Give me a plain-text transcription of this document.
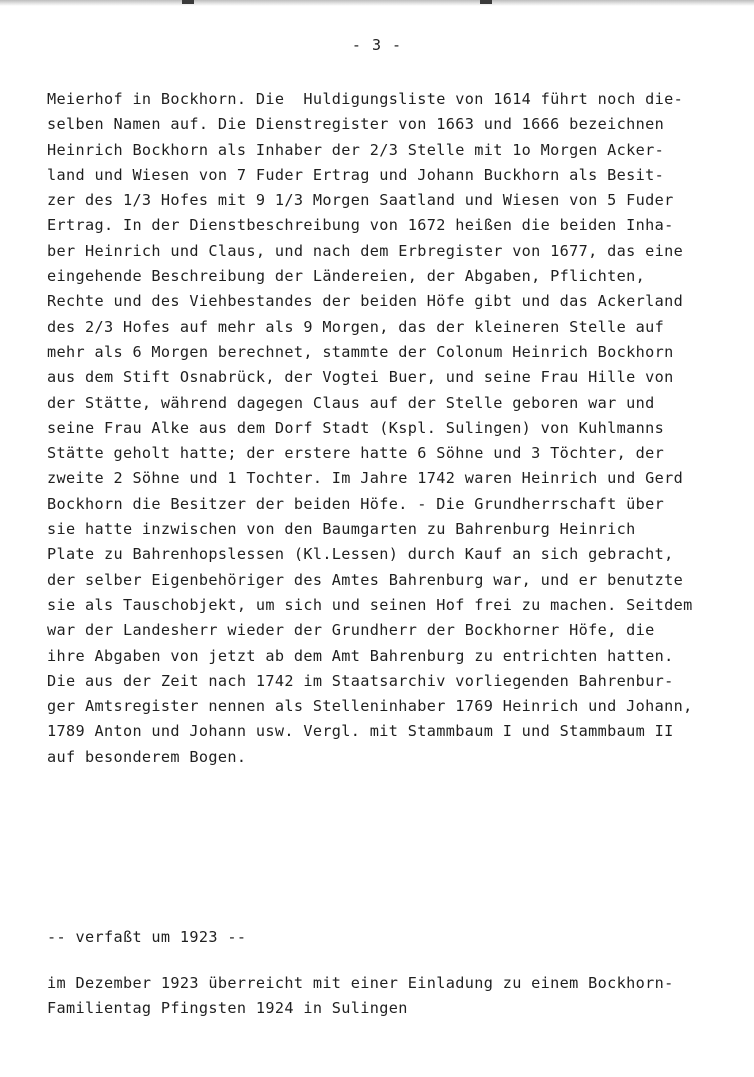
- 3 -
Meierhof in Bockhorn. Die  Huldigungsliste von 1614 führt noch die-
selben Namen auf. Die Dienstregister von 1663 und 1666 bezeichnen
Heinrich Bockhorn als Inhaber der 2/3 Stelle mit 1o Morgen Acker-
land und Wiesen von 7 Fuder Ertrag und Johann Buckhorn als Besit-
zer des 1/3 Hofes mit 9 1/3 Morgen Saatland und Wiesen von 5 Fuder
Ertrag. In der Dienstbeschreibung von 1672 heißen die beiden Inha-
ber Heinrich und Claus, und nach dem Erbregister von 1677, das eine
eingehende Beschreibung der Ländereien, der Abgaben, Pflichten,
Rechte und des Viehbestandes der beiden Höfe gibt und das Ackerland
des 2/3 Hofes auf mehr als 9 Morgen, das der kleineren Stelle auf
mehr als 6 Morgen berechnet, stammte der Colonum Heinrich Bockhorn
aus dem Stift Osnabrück, der Vogtei Buer, und seine Frau Hille von
der Stätte, während dagegen Claus auf der Stelle geboren war und
seine Frau Alke aus dem Dorf Stadt (Kspl. Sulingen) von Kuhlmanns
Stätte geholt hatte; der erstere hatte 6 Söhne und 3 Töchter, der
zweite 2 Söhne und 1 Tochter. Im Jahre 1742 waren Heinrich und Gerd
Bockhorn die Besitzer der beiden Höfe. - Die Grundherrschaft über
sie hatte inzwischen von den Baumgarten zu Bahrenburg Heinrich
Plate zu Bahrenhopslessen (Kl.Lessen) durch Kauf an sich gebracht,
der selber Eigenbehöriger des Amtes Bahrenburg war, und er benutzte
sie als Tauschobjekt, um sich und seinen Hof frei zu machen. Seitdem
war der Landesherr wieder der Grundherr der Bockhorner Höfe, die
ihre Abgaben von jetzt ab dem Amt Bahrenburg zu entrichten hatten.
Die aus der Zeit nach 1742 im Staatsarchiv vorliegenden Bahrenbur-
ger Amtsregister nennen als Stelleninhaber 1769 Heinrich und Johann,
1789 Anton und Johann usw. Vergl. mit Stammbaum I und Stammbaum II
auf besonderem Bogen.
-- verfaßt um 1923 --
im Dezember 1923 überreicht mit einer Einladung zu einem Bockhorn-
Familientag Pfingsten 1924 in Sulingen
